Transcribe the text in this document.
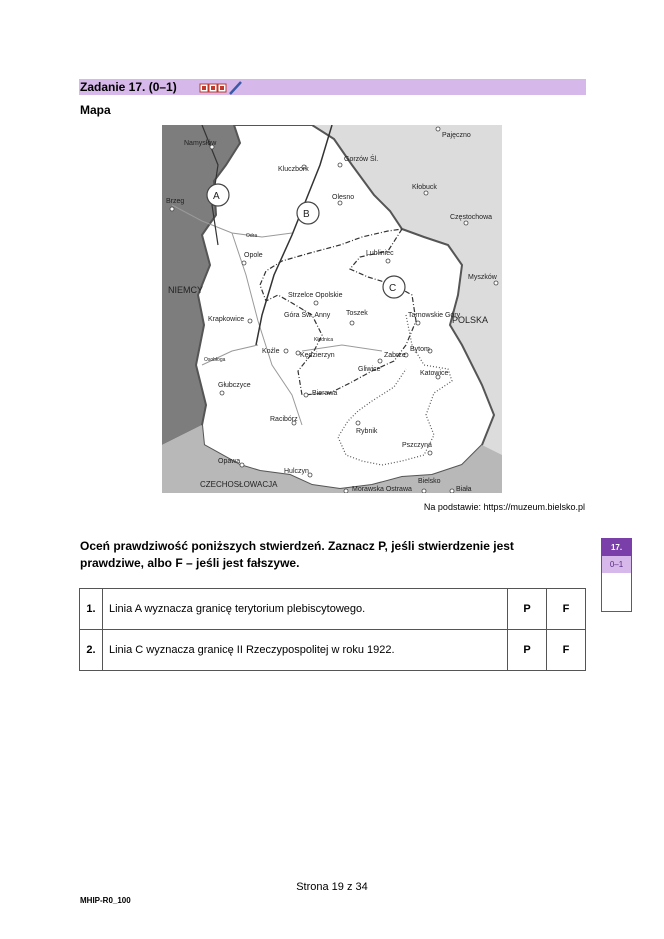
Zadanie 17. (0–1)
Mapa
A
B
C
NIEMCY
POLSKA
CZECHOSŁOWACJA
Odra
Kłodnica
Osobłoga
Pajęczno
Namysłów
Gorzów Śl.
Kluczbork
Kłobuck
Brzeg
Olesno
Częstochowa
Lubliniec
Opole
Myszków
Strzelce Opolskie
Toszek	Tarnowskie Góry
Krapkowice
Góra Św. Anny
Koźle
Kędzierzyn	Zabrze
Bytom
Gliwice
Katowice
Głubczyce
Bierawa
Racibórz
Rybnik
Pszczyna
Opawa
Hulczyn
Morawska Ostrawa
Bielsko
Biała
Na podstawie: https://muzeum.bielsko.pl
Oceń prawdziwość poniższych stwierdzeń. Zaznacz P, jeśli stwierdzenie jest prawdziwe, albo F – jeśli jest fałszywe.
17.
0–1
1.	Linia A wyznacza granicę terytorium plebiscytowego.	P	F
2.	Linia C wyznacza granicę II Rzeczypospolitej w roku 1922.	P	F
Strona 19 z 34
MHIP-R0_100
